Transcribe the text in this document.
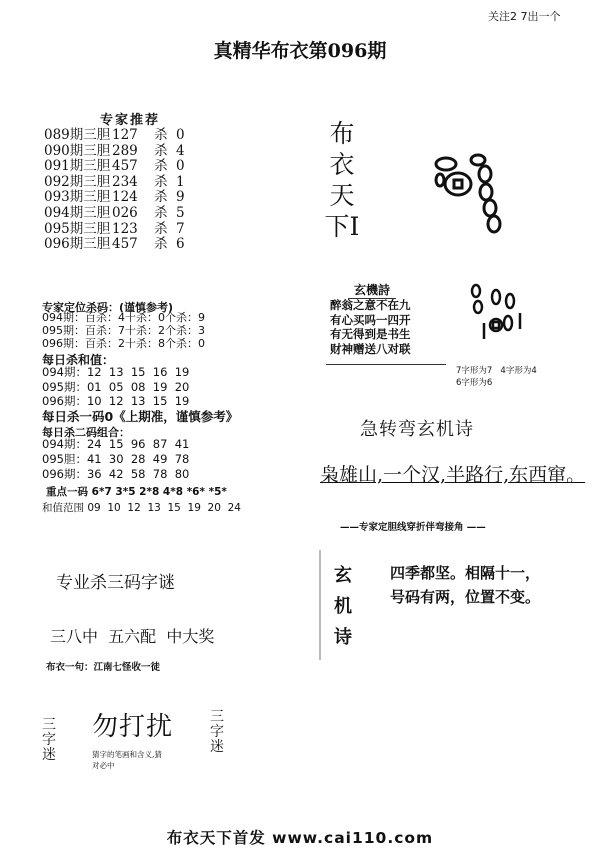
关注2 7出一个
真精华布衣第096期
专家推荐
089期三胆 127 杀 0
090期三胆 289 杀 4
091期三胆 457 杀 0
092期三胆 234 杀 1
093期三胆 124 杀 9
094期三胆 026 杀 5
095期三胆 123 杀 7
096期三胆 457 杀 6
专家定位杀码：(谨慎参考)
094期：百杀：4十杀：0个杀：9
095期：百杀：7十杀：2个杀：3
096期：百杀：2十杀：8个杀：0
每日杀和值：
094期：12  13  15  16  19
095期：01  05  08  19  20
096期：10  12  13  15  19
每日杀一码0《上期准，谨慎参考》
每日杀二码组合：
094期：24  15  96  87  41
095胆：41  30  28  49  78
096期：36  42  58  78  80
重点一码 6*7 3*5 2*8 4*8 *6* *5*
和值范围 09  10  12  13  15  19  20  24
专业杀三码字谜
三八中  五六配  中大奖
布衣一句：江南七怪收一徒
三字迷
勿打扰
猜字的笔画和含义,猜
对必中
三字迷
布衣天下I
玄機詩
醉翁之意不在九
有心买吗一四开
有无得到是书生
财神赠送八对联
7字形为7   4字形为4
6字形为6
急转弯玄机诗
枭雄山,一个汉,半路行,东西窜。
——专家定胆线穿折伴弯接角 ——
玄机诗
四季都坚。相隔十一，
号码有两，位置不变。
布衣天下首发 www.cai110.com
